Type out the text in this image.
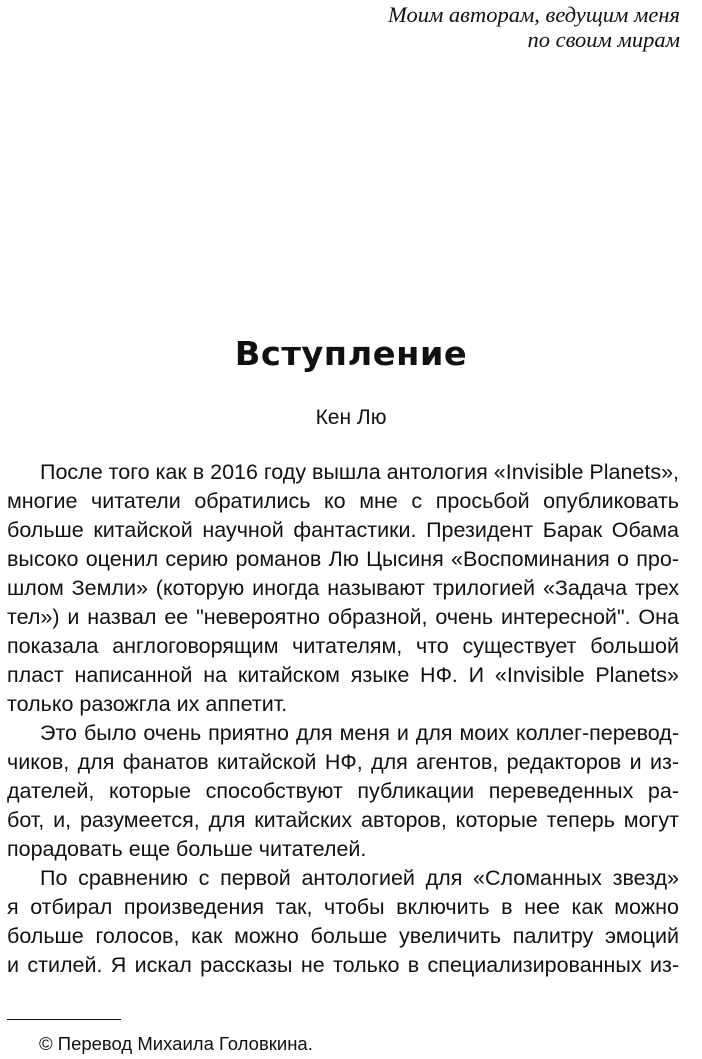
Моим авторам, ведущим меня
по своим мирам
Вступление
Кен Лю
После того как в 2016 году вышла антология «Invisible Planets»,
многие читатели обратились ко мне с просьбой опубликовать
больше китайской научной фантастики. Президент Барак Обама
высоко оценил серию романов Лю Цысиня «Воспоминания о про-
шлом Земли» (которую иногда называют трилогией «Задача трех
тел») и назвал ее "невероятно образной, очень интересной". Она
показала англоговорящим читателям, что существует большой
пласт написанной на китайском языке НФ. И «Invisible Planets»
только разожгла их аппетит.
Это было очень приятно для меня и для моих коллег-перевод-
чиков, для фанатов китайской НФ, для агентов, редакторов и из-
дателей, которые способствуют публикации переведенных ра-
бот, и, разумеется, для китайских авторов, которые теперь могут
порадовать еще больше читателей.
По сравнению с первой антологией для «Сломанных звезд»
я отбирал произведения так, чтобы включить в нее как можно
больше голосов, как можно больше увеличить палитру эмоций
и стилей. Я искал рассказы не только в специализированных из-
© Перевод Михаила Головкина.
